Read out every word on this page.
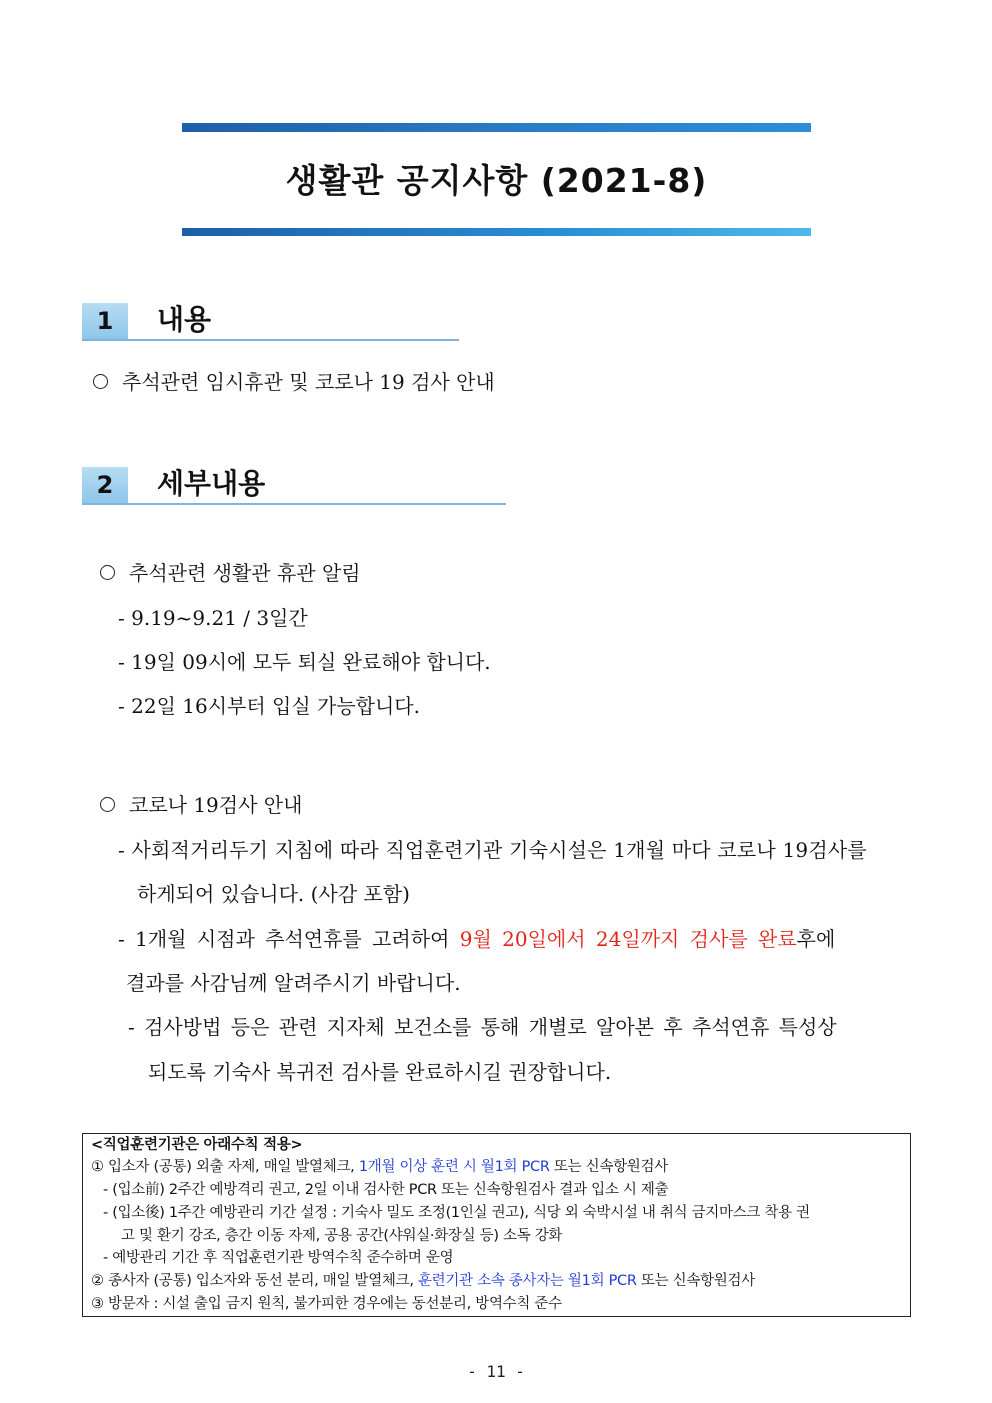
생활관 공지사항 (2021-8)
1	내용
추석관련 임시휴관 및 코로나 19 검사 안내
2	세부내용
추석관련 생활관 휴관 알림
- 9.19~9.21 / 3일간
- 19일 09시에 모두 퇴실 완료해야 합니다.
- 22일 16시부터 입실 가능합니다.
코로나 19검사 안내
- 사회적거리두기 지침에 따라 직업훈련기관 기숙시설은 1개월 마다 코로나 19검사를
하게되어 있습니다. (사감 포함)
- 1개월 시점과 추석연휴를 고려하여 9월 20일에서 24일까지 검사를 완료후에
결과를 사감님께 알려주시기 바랍니다.
- 검사방법 등은 관련 지자체 보건소를 통해 개별로 알아본 후 추석연휴 특성상
되도록 기숙사 복귀전 검사를 완료하시길 권장합니다.
<직업훈련기관은 아래수칙 적용>
① 입소자 (공통) 외출 자제, 매일 발열체크, 1개월 이상 훈련 시 월1회 PCR 또는 신속항원검사
- (입소前) 2주간 예방격리 권고, 2일 이내 검사한 PCR 또는 신속항원검사 결과 입소 시 제출
- (입소後) 1주간 예방관리 기간 설정 : 기숙사 밀도 조정(1인실 권고), 식당 외 숙박시설 내 취식 금지마스크 착용 권
고 및 환기 강조, 층간 이동 자제, 공용 공간(샤워실·화장실 등) 소독 강화
- 예방관리 기간 후 직업훈련기관 방역수칙 준수하며 운영
② 종사자 (공통) 입소자와 동선 분리, 매일 발열체크, 훈련기관 소속 종사자는 월1회 PCR 또는 신속항원검사
③ 방문자 : 시설 출입 금지 원칙, 불가피한 경우에는 동선분리, 방역수칙 준수
- 11 -
